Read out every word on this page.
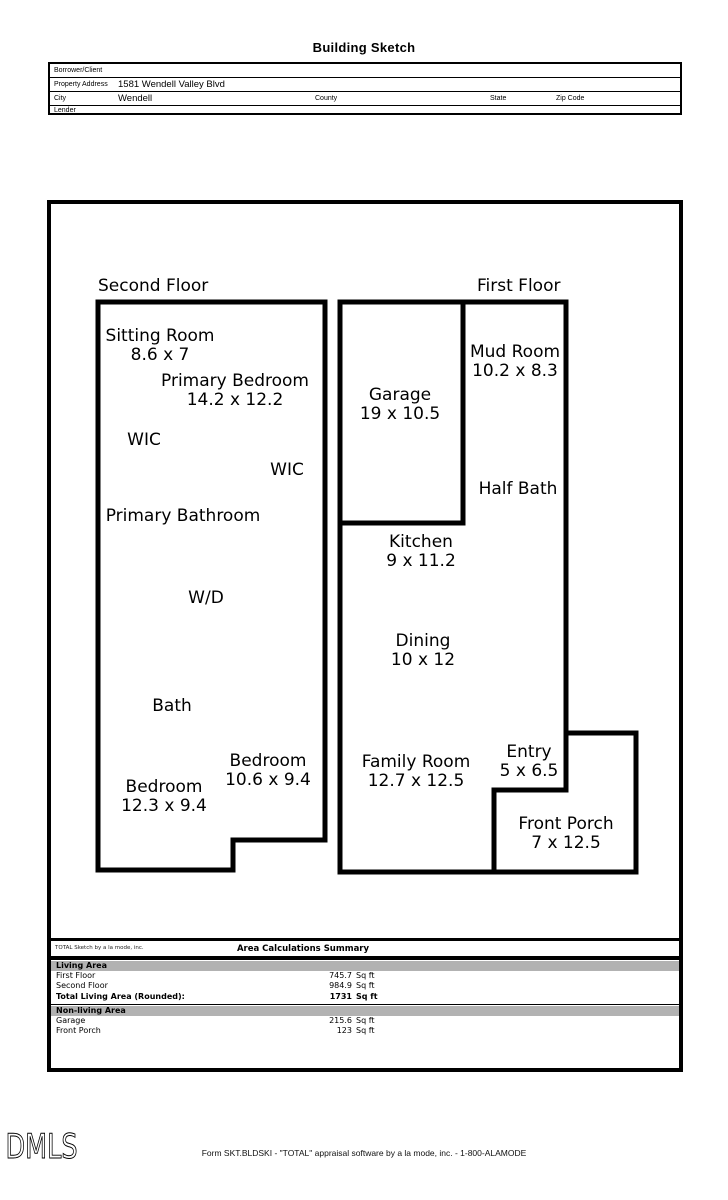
Building Sketch
Borrower/Client
Property Address 1581 Wendell Valley Blvd
City	Wendell	County	State	Zip Code
Lender
Second Floor	First Floor
Sitting Room
8.6 x 7
Primary Bedroom
14.2 x 12.2
WIC
WIC
Primary Bathroom
W/D
Bath
Bedroom
10.6 x 9.4
Bedroom
12.3 x 9.4
Garage
19 x 10.5
Mud Room
10.2 x 8.3
Half Bath
Kitchen
9 x 11.2
Dining
10 x 12
Family Room
12.7 x 12.5
Entry
5 x 6.5
Front Porch
7 x 12.5
TOTAL Sketch by a la mode, inc.	Area Calculations Summary
Living Area
First Floor	745.7 Sq ft
Second Floor	984.9 Sq ft
Total Living Area (Rounded):	1731 Sq ft
Non-living Area
Garage	215.6 Sq ft
Front Porch	123 Sq ft
DMLS	Form SKT.BLDSKI - "TOTAL" appraisal software by a la mode, inc. - 1-800-ALAMODE
